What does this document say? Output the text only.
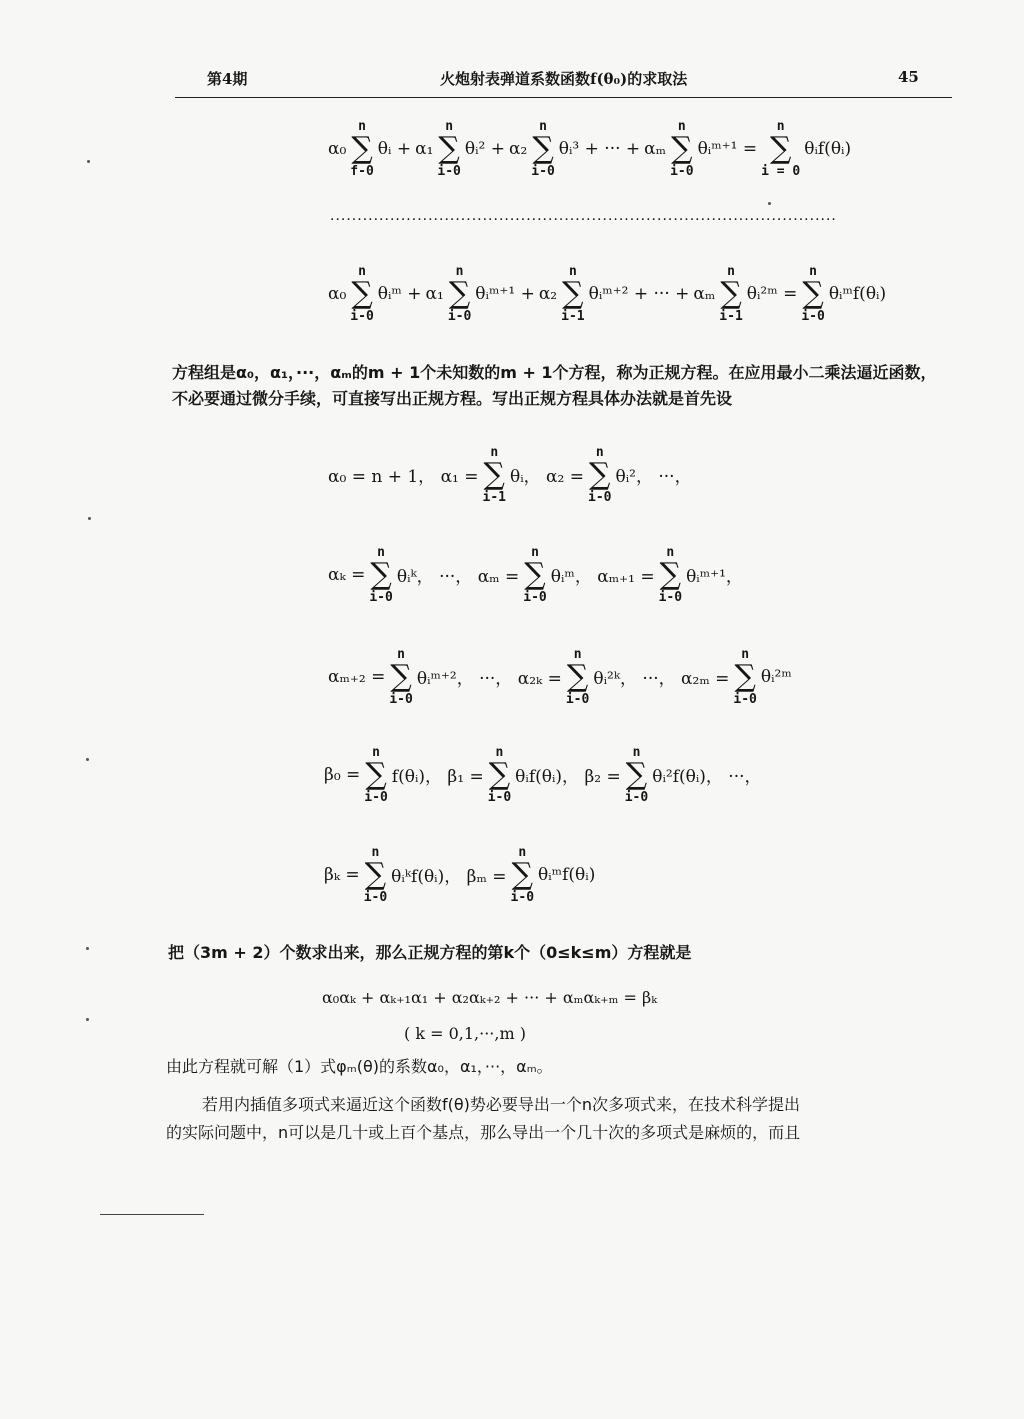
第4期	火炮射表弹道系数函数f(θ₀)的求取法	45
α₀
n
∑
f-0
θᵢ + α₁
n
∑
i-0
θᵢ² + α₂
n
∑
i-0
θᵢ³ + ··· + αₘ
n
∑
i-0
θᵢᵐ⁺¹ =
n
∑
i = 0
θᵢf(θᵢ)
·····························································································
α₀
n
∑
i-0
θᵢᵐ + α₁
n
∑
i-0
θᵢᵐ⁺¹ + α₂
n
∑
i-1
θᵢᵐ⁺² + ··· + αₘ
n
∑
i-1
θᵢ²ᵐ =
n
∑
i-0
θᵢᵐf(θᵢ)
方程组是α₀，α₁，···，αₘ的m + 1个未知数的m + 1个方程，称为正规方程。在应用最小二乘法逼近函数，不必要通过微分手续，可直接写出正规方程。写出正规方程具体办法就是首先设
α₀ = n + 1， α₁ =
n
∑
i-1
θᵢ， α₂ =
n
∑
i-0
θᵢ²， ···，
αₖ =
n
∑
i-0
θᵢᵏ， ···， αₘ =
n
∑
i-0
θᵢᵐ， αₘ₊₁ =
n
∑
i-0
θᵢᵐ⁺¹，
αₘ₊₂ =
n
∑
i-0
θᵢᵐ⁺²， ···， α₂ₖ =
n
∑
i-0
θᵢ²ᵏ， ···， α₂ₘ =
n
∑
i-0
θᵢ²ᵐ
β₀ =
n
∑
i-0
f(θᵢ)， β₁ =
n
∑
i-0
θᵢf(θᵢ)， β₂ =
n
∑
i-0
θᵢ²f(θᵢ)， ···，
βₖ =
n
∑
i-0
θᵢᵏf(θᵢ)， βₘ =
n
∑
i-0
θᵢᵐf(θᵢ)
把（3m + 2）个数求出来，那么正规方程的第k个（0≤k≤m）方程就是
α₀αₖ + αₖ₊₁α₁ + α₂αₖ₊₂ + ··· + αₘαₖ₊ₘ = βₖ
( k = 0,1,···,m )
由此方程就可解（1）式φₘ(θ)的系数α₀，α₁，···，αₘ。
若用内插值多项式来逼近这个函数f(θ)势必要导出一个n次多项式来，在技术科学提出
的实际问题中，n可以是几十或上百个基点，那么导出一个几十次的多项式是麻烦的，而且
